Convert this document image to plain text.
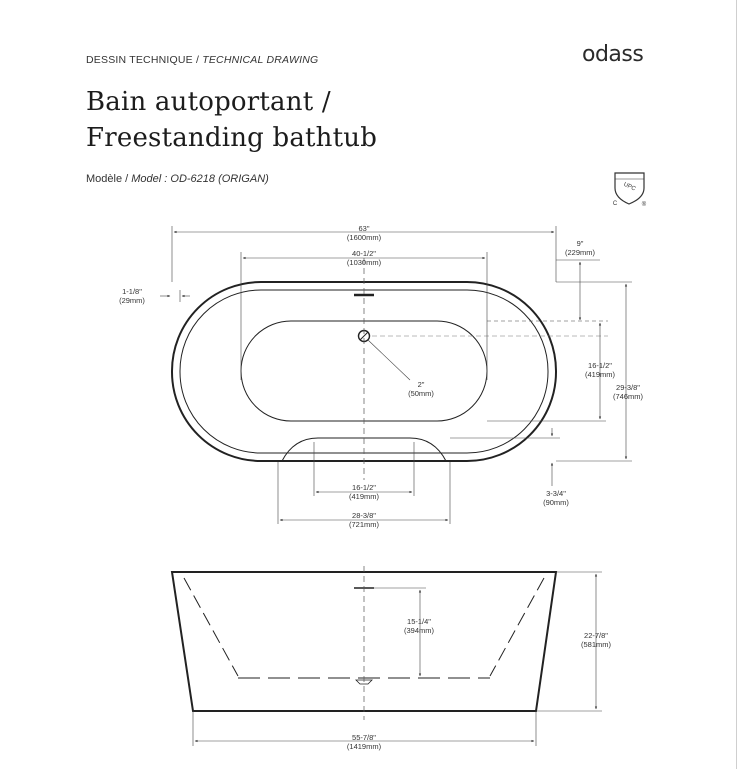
DESSIN TECHNIQUE / TECHNICAL DRAWING	odass
Bain autoportant /
Freestanding bathtub
Modèle / Model : OD-6218 (ORIGAN)
UPC
C	®
63"
(1600mm)
40-1/2"
(1030mm)
9"
(229mm)
1-1/8"
(29mm)
16-1/2"
(419mm)
29-3/8"
(746mm)
2"
(50mm)
3-3/4"
(90mm)
16-1/2"
(419mm)
28-3/8"
(721mm)
15-1/4"
(394mm)
22-7/8"
(581mm)
55-7/8"
(1419mm)
